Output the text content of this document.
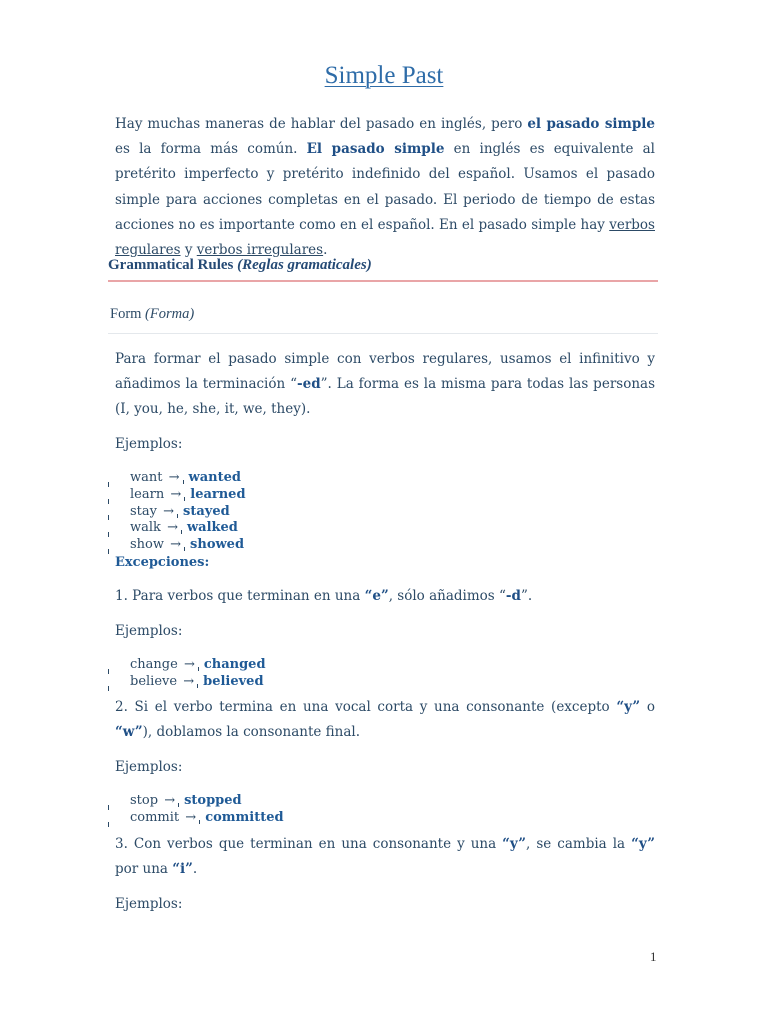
Simple Past
Hay muchas maneras de hablar del pasado en inglés, pero el pasado simple es la forma más común. El pasado simple en inglés es equivalente al pretérito imperfecto y pretérito indefinido del español. Usamos el pasado simple para acciones completas en el pasado. El periodo de tiempo de estas acciones no es importante como en el español. En el pasado simple hay verbos regulares y verbos irregulares.
Grammatical Rules (Reglas gramaticales)
Form (Forma)
Para formar el pasado simple con verbos regulares, usamos el infinitivo y añadimos la terminación “-ed”. La forma es la misma para todas las personas (I, you, he, she, it, we, they).
Ejemplos:
want → wanted
learn → learned
stay → stayed
walk → walked
show → showed
Excepciones:
1. Para verbos que terminan en una “e”, sólo añadimos “-d”.
Ejemplos:
change → changed
believe → believed
2. Si el verbo termina en una vocal corta y una consonante (excepto “y” o “w”), doblamos la consonante final.
Ejemplos:
stop → stopped
commit → committed
3. Con verbos que terminan en una consonante y una “y”, se cambia la “y” por una “i”.
Ejemplos:
1
